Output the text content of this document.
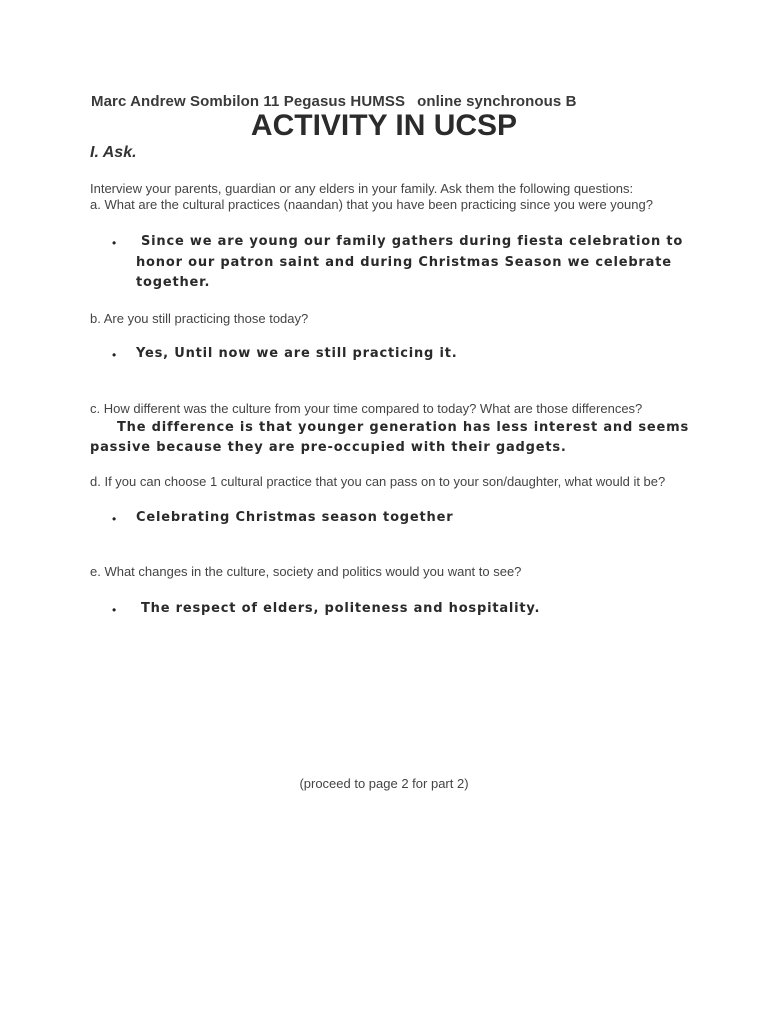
Marc Andrew Sombilon 11 Pegasus HUMSS online synchronous B
ACTIVITY IN UCSP
I. Ask.
Interview your parents, guardian or any elders in your family. Ask them the following questions:
a. What are the cultural practices (naandan) that you have been practicing since you were young?
• Since we are young our family gathers during fiesta celebration to
honor our patron saint and during Christmas Season we celebrate
together.
b. Are you still practicing those today?
• Yes, Until now we are still practicing it.
c. How different was the culture from your time compared to today? What are those differences?
The difference is that younger generation has less interest and seems
passive because they are pre-occupied with their gadgets.
d. If you can choose 1 cultural practice that you can pass on to your son/daughter, what would it be?
• Celebrating Christmas season together
e. What changes in the culture, society and politics would you want to see?
• The respect of elders, politeness and hospitality.
(proceed to page 2 for part 2)
